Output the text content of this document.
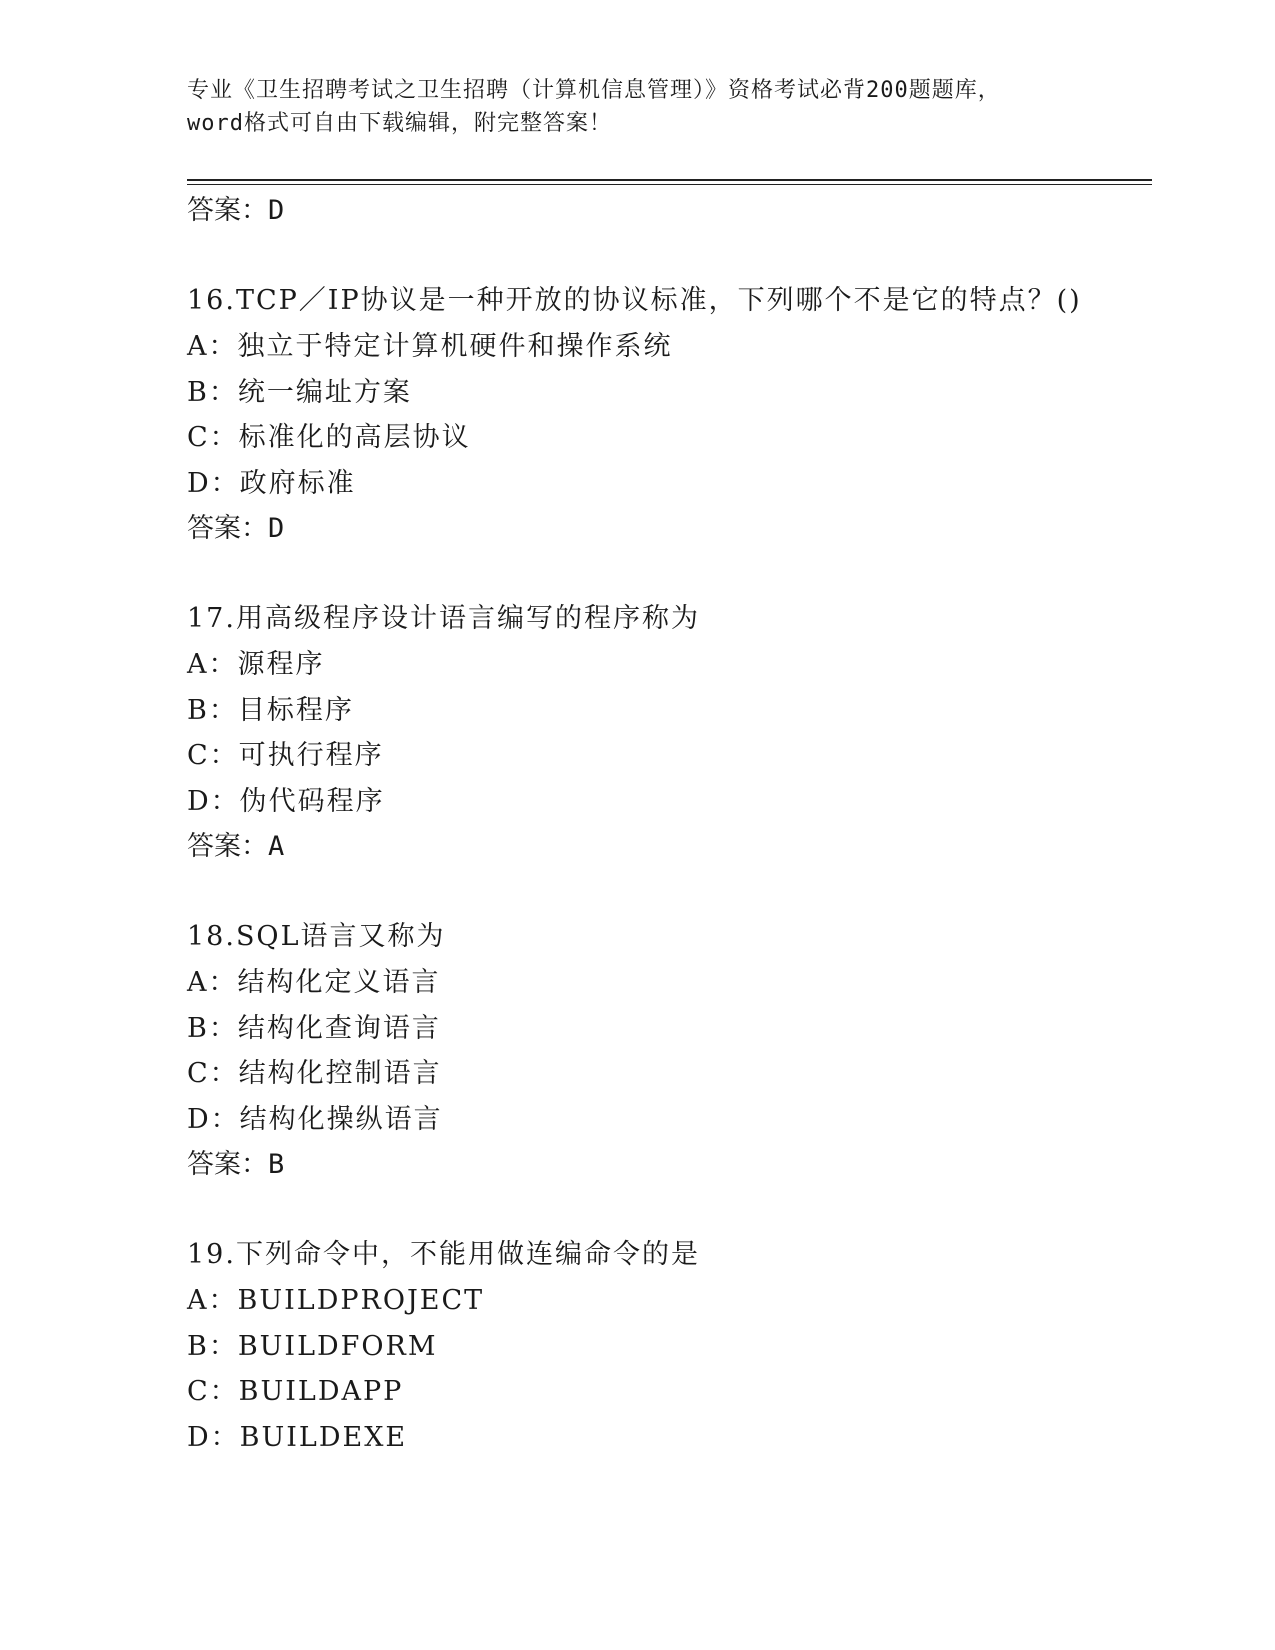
专业《卫生招聘考试之卫生招聘（计算机信息管理）》资格考试必背200题题库，
word格式可自由下载编辑，附完整答案！
答案：D
16.TCP／IP协议是一种开放的协议标准，下列哪个不是它的特点？()
A：独立于特定计算机硬件和操作系统
B：统一编址方案
C：标准化的高层协议
D：政府标准
答案：D
17.用高级程序设计语言编写的程序称为
A：源程序
B：目标程序
C：可执行程序
D：伪代码程序
答案：A
18.SQL语言又称为
A：结构化定义语言
B：结构化查询语言
C：结构化控制语言
D：结构化操纵语言
答案：B
19.下列命令中，不能用做连编命令的是
A：BUILDPROJECT
B：BUILDFORM
C：BUILDAPP
D：BUILDEXE
